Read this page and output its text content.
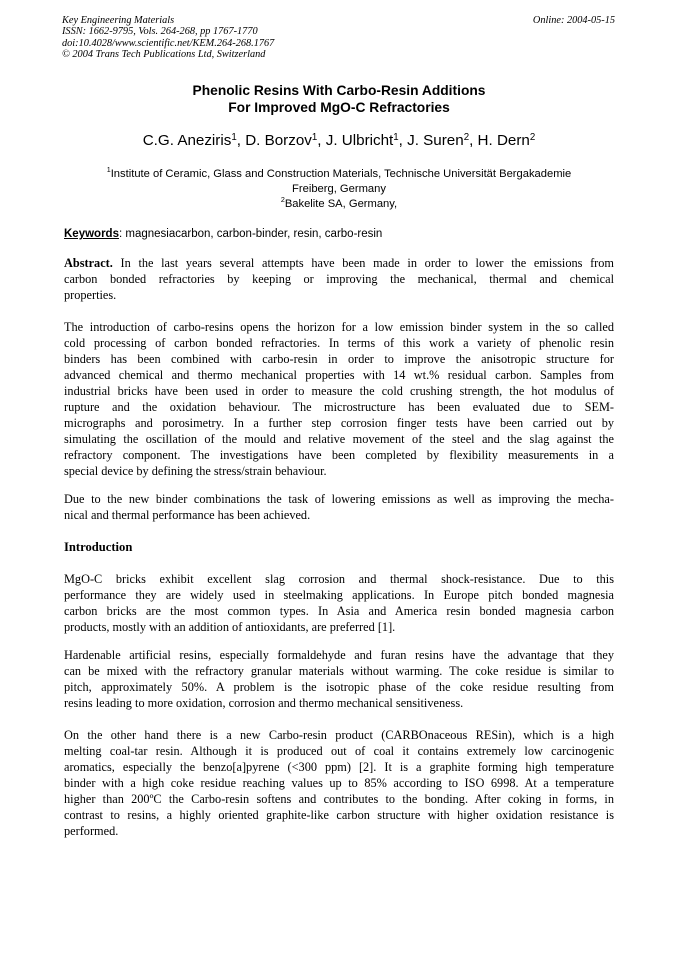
Key Engineering Materials
ISSN: 1662-9795, Vols. 264-268, pp 1767-1770
doi:10.4028/www.scientific.net/KEM.264-268.1767
© 2004 Trans Tech Publications Ltd, Switzerland
Online: 2004-05-15
Phenolic Resins With Carbo-Resin Additions
For Improved MgO-C Refractories
C.G. Aneziris$^1$, D. Borzov$^1$, J. Ulbricht$^1$, J. Suren$^2$, H. Dern$^2$
$^1$Institute of Ceramic, Glass and Construction Materials, Technische Universität Bergakademie
Freiberg, Germany
$^2$Bakelite SA, Germany,
Keywords: magnesiacarbon, carbon-binder, resin, carbo-resin
Abstract. In the last years several attempts have been made in order to lower the emissions from
carbon bonded refractories by keeping or improving the mechanical, thermal and chemical
properties.
The introduction of carbo-resins opens the horizon for a low emission binder system in the so called
cold processing of carbon bonded refractories. In terms of this work a variety of phenolic resin
binders has been combined with carbo-resin in order to improve the anisotropic structure for
advanced chemical and thermo mechanical properties with 14 wt.% residual carbon. Samples from
industrial bricks have been used in order to measure the cold crushing strength, the hot modulus of
rupture and the oxidation behaviour. The microstructure has been evaluated due to SEM-
micrographs and porosimetry. In a further step corrosion finger tests have been carried out by
simulating the oscillation of the mould and relative movement of the steel and the slag against the
refractory component. The investigations have been completed by flexibility measurements in a
special device by defining the stress/strain behaviour.
Due to the new binder combinations the task of lowering emissions as well as improving the mecha-
nical and thermal performance has been achieved.
Introduction
MgO-C bricks exhibit excellent slag corrosion and thermal shock-resistance. Due to this
performance they are widely used in steelmaking applications. In Europe pitch bonded magnesia
carbon bricks are the most common types. In Asia and America resin bonded magnesia carbon
products, mostly with an addition of antioxidants, are preferred [1].
Hardenable artificial resins, especially formaldehyde and furan resins have the advantage that they
can be mixed with the refractory granular materials without warming. The coke residue is similar to
pitch, approximately 50%. A problem is the isotropic phase of the coke residue resulting from
resins leading to more oxidation, corrosion and thermo mechanical sensitiveness.
On the other hand there is a new Carbo-resin product (CARBOnaceous RESin), which is a high
melting coal-tar resin. Although it is produced out of coal it contains extremely low carcinogenic
aromatics, especially the benzo[a]pyrene (<300 ppm) [2]. It is a graphite forming high temperature
binder with a high coke residue reaching values up to 85% according to ISO 6998. At a temperature
higher than 200ºC the Carbo-resin softens and contributes to the bonding. After coking in forms, in
contrast to resins, a highly oriented graphite-like carbon structure with higher oxidation resistance is
performed.
